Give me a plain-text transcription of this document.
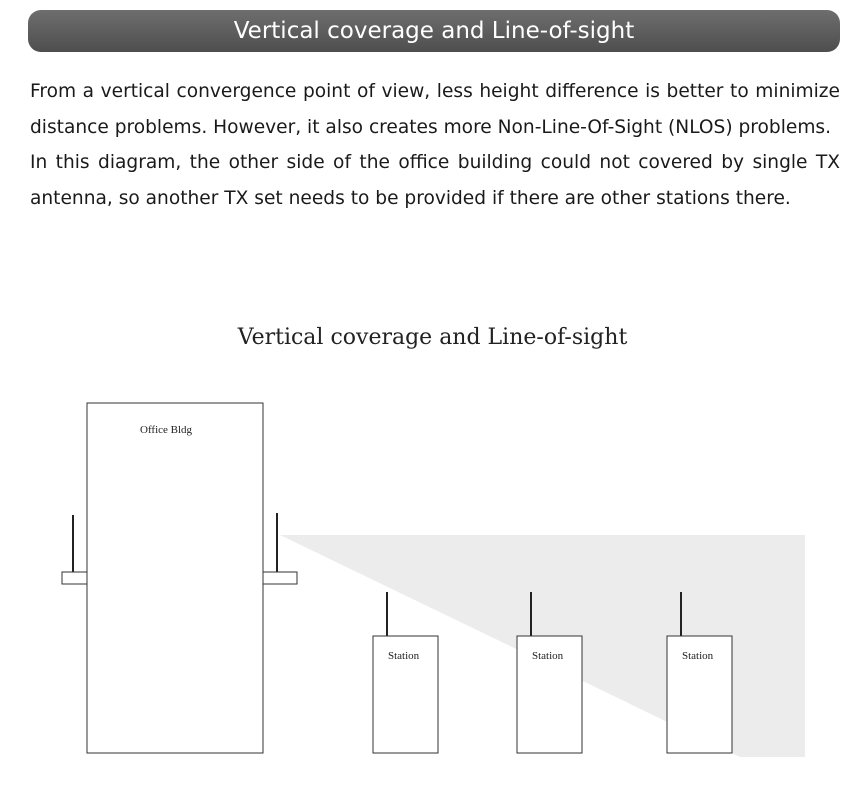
Vertical coverage and Line-of-sight

From a vertical convergence point of view, less height difference is better to minimize distance problems. However, it also creates more Non-Line-Of-Sight (NLOS) problems.

In this diagram, the other side of the office building could not covered by single TX antenna, so another TX set needs to be provided if there are other stations there.

Vertical coverage and Line-of-sight
Office Bldg
Station	Station	Station
